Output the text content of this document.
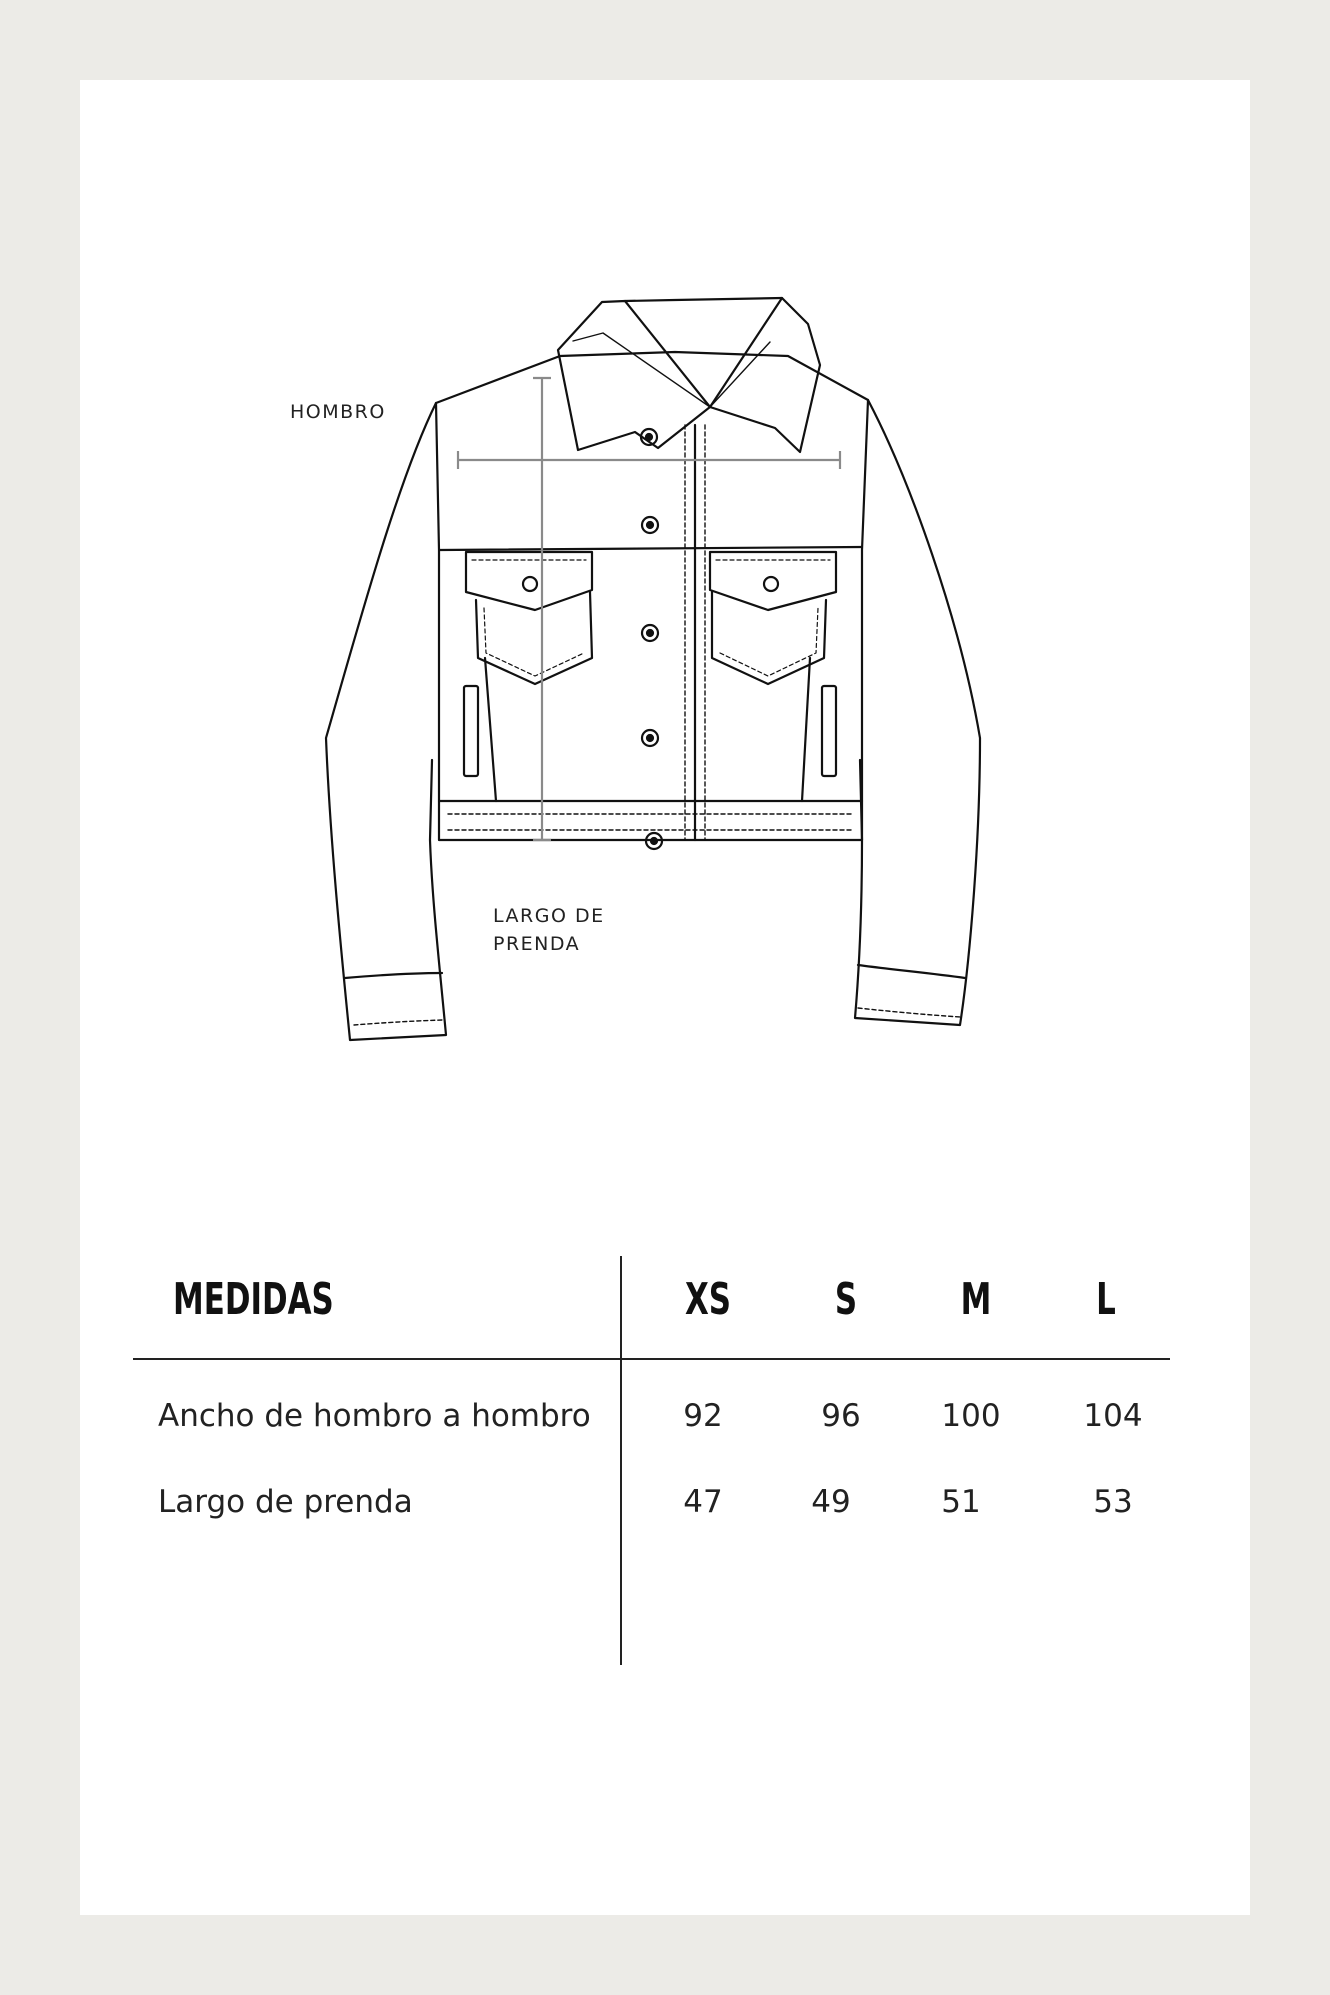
HOMBRO
LARGO DE
PRENDA
MEDIDAS	XS	S	M	L
Ancho de hombro a hombro	92	96	100	104
Largo de prenda	47	49	51	53
